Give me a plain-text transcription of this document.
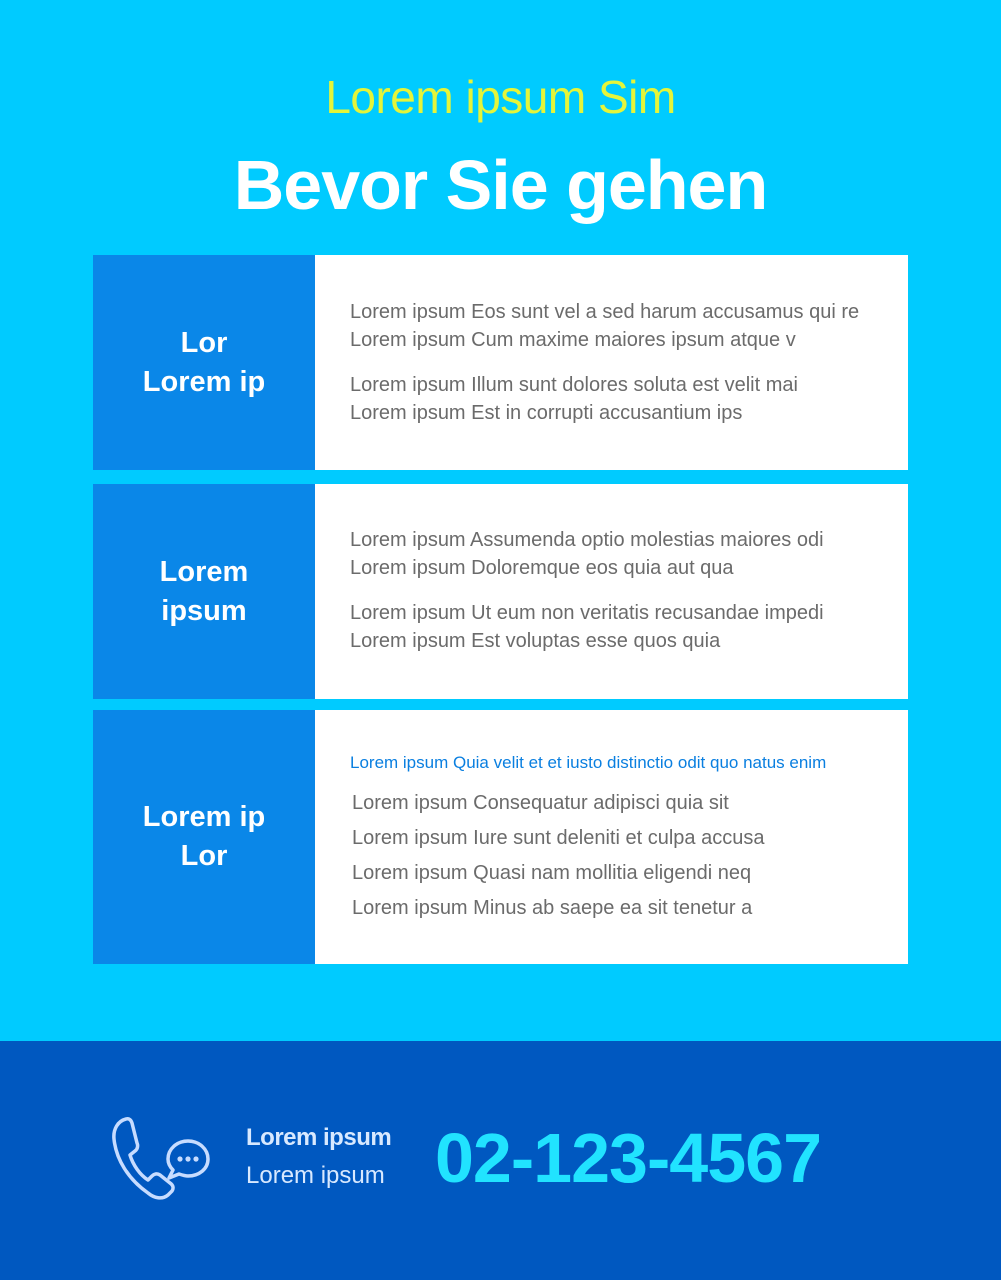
Lorem ipsum Sim
Bevor Sie gehen
Lor
Lorem ip
Lorem ipsum Eos sunt vel a sed harum accusamus qui re
Lorem ipsum Cum maxime maiores ipsum atque v
Lorem ipsum Illum sunt dolores soluta est velit mai
Lorem ipsum Est in corrupti accusantium ips
Lorem
ipsum
Lorem ipsum Assumenda optio molestias maiores odi
Lorem ipsum Doloremque eos quia aut qua
Lorem ipsum Ut eum non veritatis recusandae impedi
Lorem ipsum Est voluptas esse quos quia
Lorem ip
Lor
Lorem ipsum Quia velit et et iusto distinctio odit quo natus enim
Lorem ipsum Consequatur adipisci quia sit
Lorem ipsum Iure sunt deleniti et culpa accusa
Lorem ipsum Quasi nam mollitia eligendi neq
Lorem ipsum Minus ab saepe ea sit tenetur a
Lorem ipsum
Lorem ipsum 02-123-4567
